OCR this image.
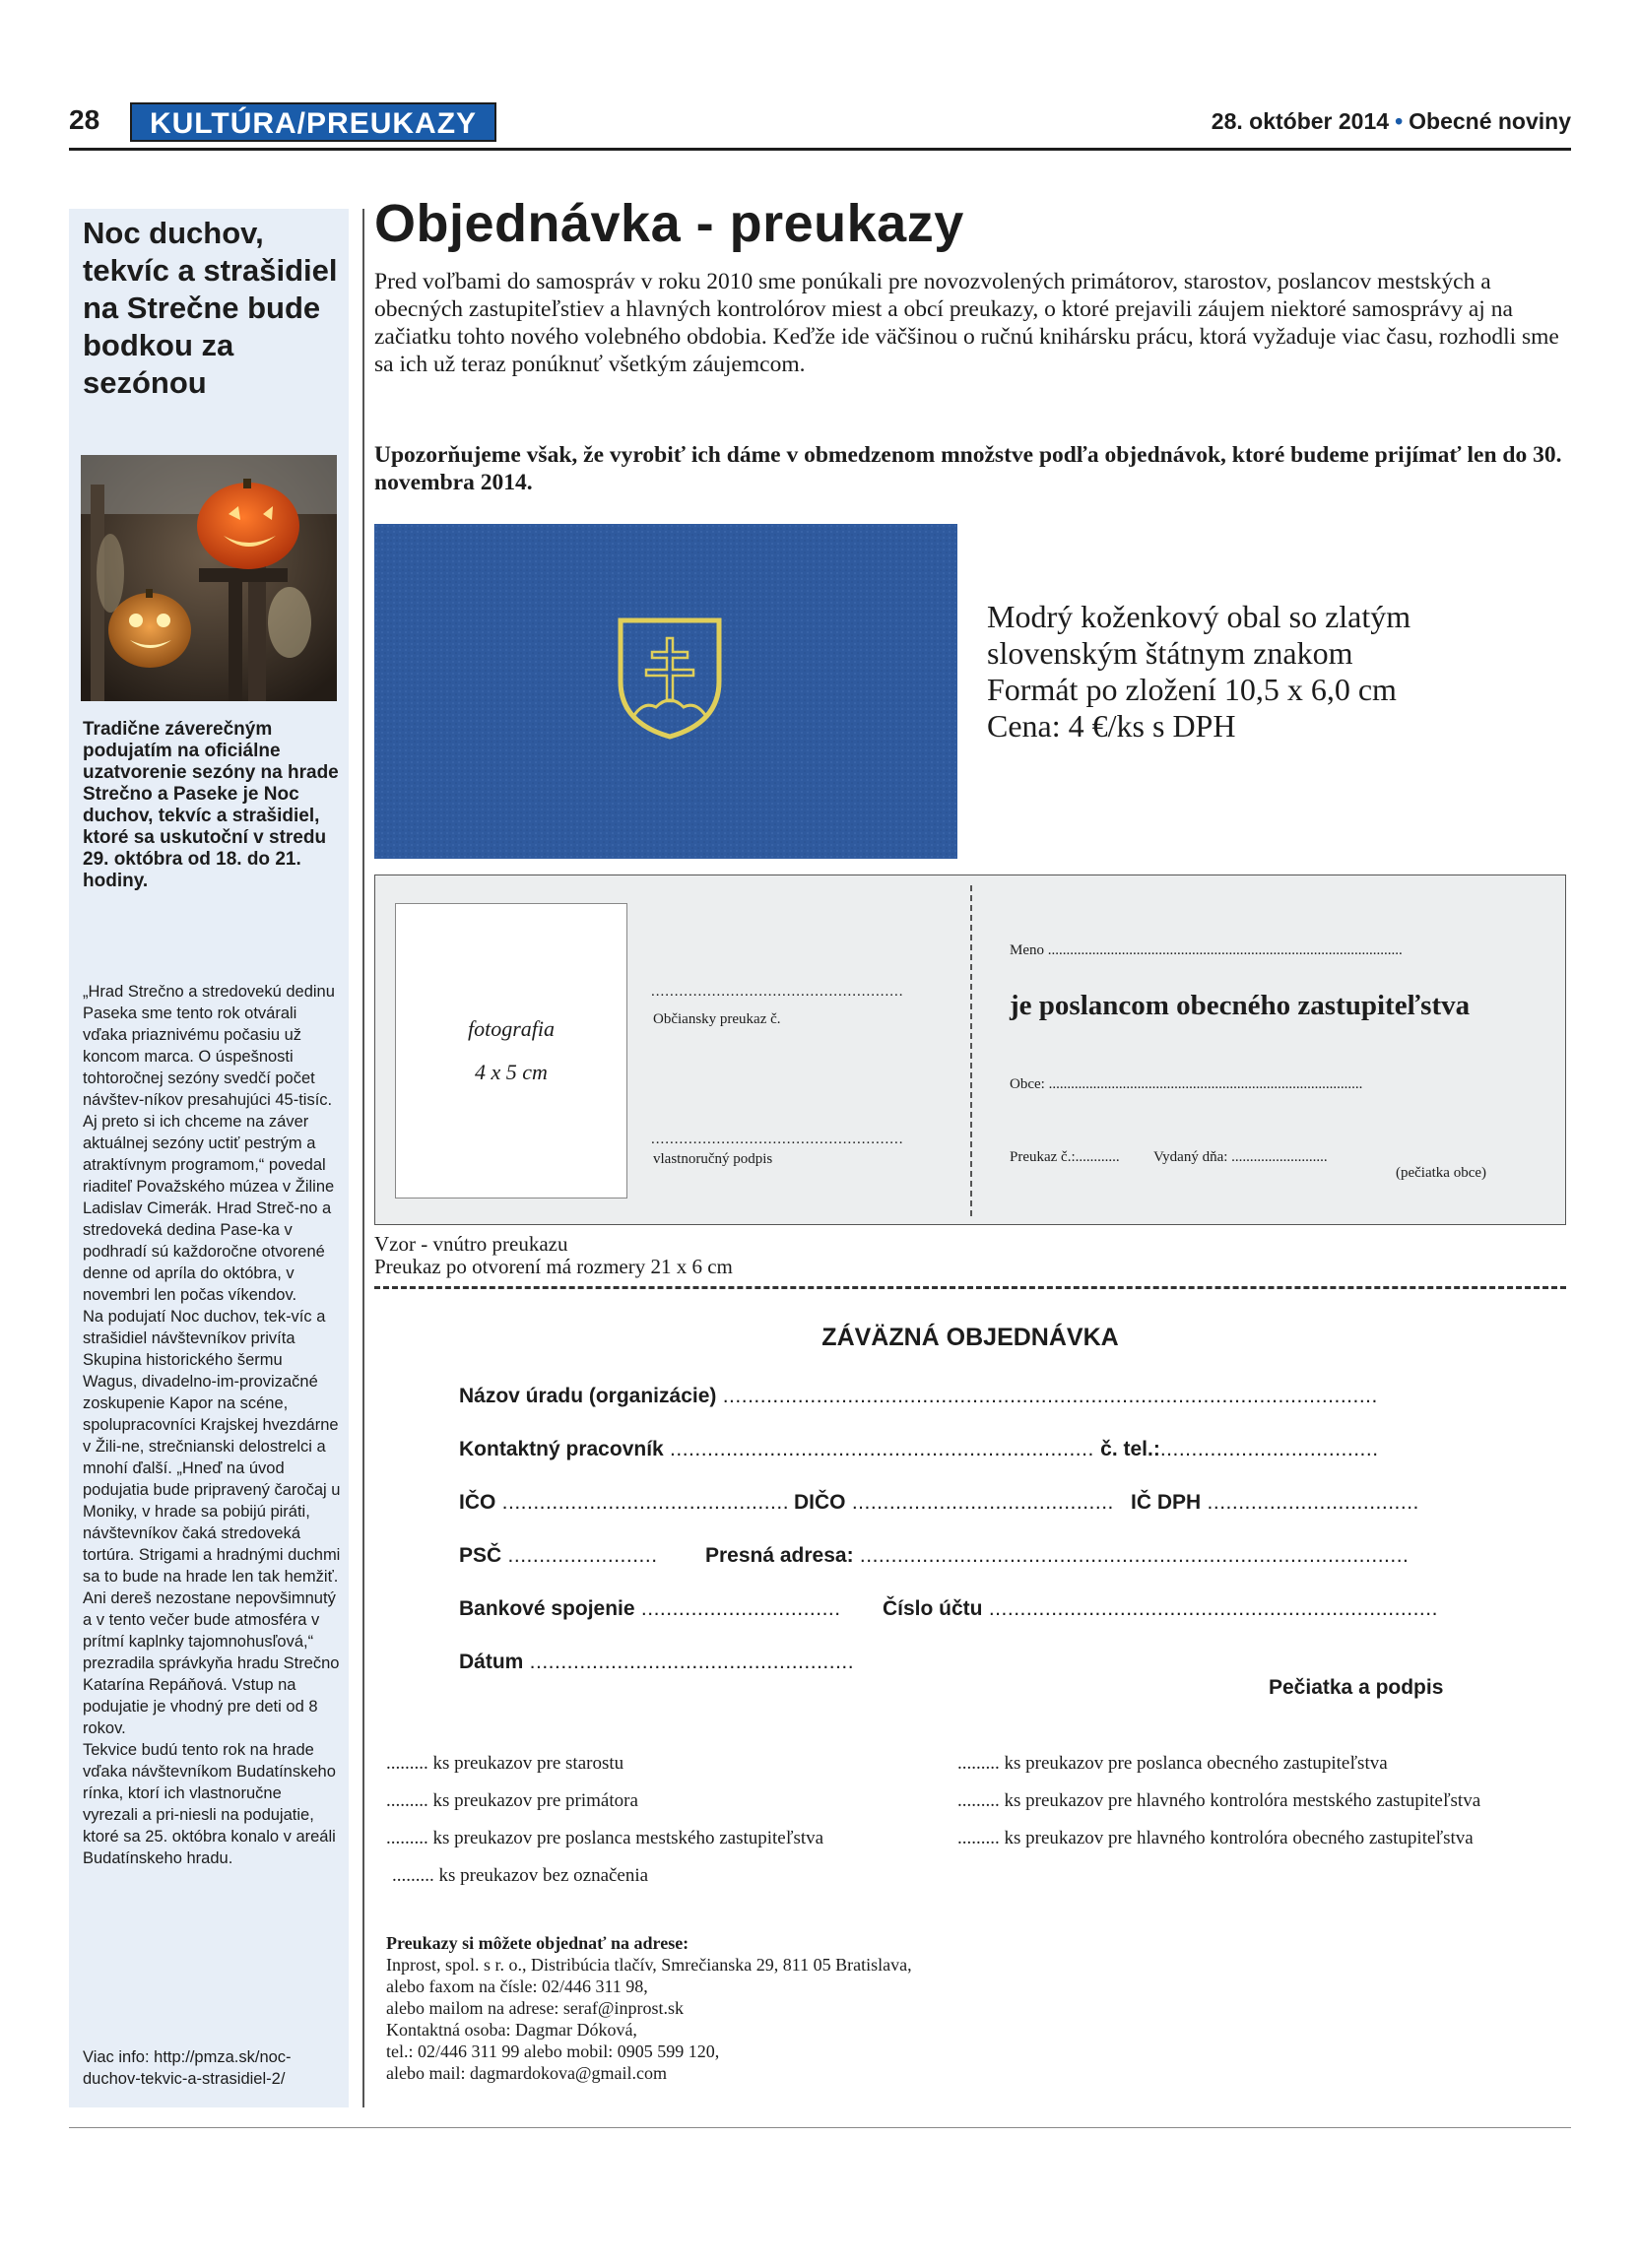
28	KULTÚRA/PREUKAZY	28. október 2014 • Obecné noviny
Noc duchov, tekvíc a strašidiel na Strečne bude bodkou za sezónou
Tradične záverečným podujatím na oficiálne uzatvorenie sezóny na hrade Strečno a Paseke je Noc duchov, tekvíc a strašidiel, ktoré sa uskutoční v stredu 29. októbra od 18. do 21. hodiny.

„Hrad Strečno a stredovekú dedinu Paseka sme tento rok otvárali vďaka priaznivému počasiu už koncom marca. O úspešnosti tohtoročnej sezóny svedčí počet návštev-níkov presahujúci 45-tisíc. Aj preto si ich chceme na záver aktuálnej sezóny uctiť pestrým a atraktívnym programom,“ povedal riaditeľ Považského múzea v Žiline Ladislav Cimerák. Hrad Streč-no a stredoveká dedina Pase-ka v podhradí sú každoročne otvorené denne od apríla do októbra, v novembri len počas víkendov.

Na podujatí Noc duchov, tek-víc a strašidiel návštevníkov privíta Skupina historického šermu Wagus, divadelno-im-provizačné zoskupenie Kapor na scéne, spolupracovníci Krajskej hvezdárne v Žili-ne, strečnianski delostrelci a mnohí ďalší. „Hneď na úvod podujatia bude pripravený čaročaj u Moniky, v hrade sa pobijú piráti, návštevníkov čaká stredoveká tortúra. Strigami a hradnými duchmi sa to bude na hrade len tak hemžiť. Ani dereš nezostane nepovšimnutý a v tento večer bude atmosféra v prítmí kaplnky tajomnohusľová,“ prezradila správkyňa hradu Strečno Katarína Repáňová. Vstup na podujatie je vhodný pre deti od 8 rokov.

Tekvice budú tento rok na hrade vďaka návštevníkom Budatínskeho rínka, ktorí ich vlastnoručne vyrezali a pri-niesli na podujatie, ktoré sa 25. októbra konalo v areáli Budatínskeho hradu.

Viac info: http://pmza.sk/noc-duchov-tekvic-a-strasidiel-2/
Objednávka - preukazy
Pred voľbami do samospráv v roku 2010 sme ponúkali pre novozvolených primátorov, starostov, poslancov mestských a obecných zastupiteľstiev a hlavných kontrolórov miest a obcí preukazy, o ktoré prejavili záujem niektoré samosprávy aj na začiatku tohto nového volebného obdobia. Keďže ide väčšinou o ručnú knihársku prácu, ktorá vyžaduje viac času, rozhodli sme sa ich už teraz ponúknuť všetkým záujemcom.
Upozorňujeme však, že vyrobiť ich dáme v obmedzenom množstve podľa objednávok, ktoré budeme prijímať len do 30. novembra 2014.
Modrý koženkový obal so zlatým
slovenským štátnym znakom
Formát po zložení 10,5 x 6,0 cm
Cena: 4 €/ks s DPH
fotografia
4 x 5 cm
......................................................
Občiansky preukaz č.
......................................................
vlastnoručný podpis
Meno ................................................................................................
je poslancom obecného zastupiteľstva
Obce: .....................................................................................
Preukaz č.:............ Vydaný dňa: ..........................
(pečiatka obce)
Vzor - vnútro preukazu
Preukaz po otvorení má rozmery 21 x 6 cm
ZÁVÄZNÁ OBJEDNÁVKA
Názov úradu (organizácie) .........................................................................................................
Kontaktný pracovník .................................................................... č. tel.:...................................
IČO .............................................. DIČO .......................................... IČ DPH ..................................
PSČ ........................ Presná adresa: ........................................................................................
Bankové spojenie ................................ Číslo účtu ........................................................................
Dátum ....................................................
Pečiatka a podpis
......... ks preukazov pre starostu
......... ks preukazov pre primátora
......... ks preukazov pre poslanca mestského zastupiteľstva
......... ks preukazov bez označenia
......... ks preukazov pre poslanca obecného zastupiteľstva
......... ks preukazov pre hlavného kontrolóra mestského zastupiteľstva
......... ks preukazov pre hlavného kontrolóra obecného zastupiteľstva
Preukazy si môžete objednať na adrese:
Inprost, spol. s r. o., Distribúcia tlačív, Smrečianska 29, 811 05 Bratislava,
alebo faxom na čísle: 02/446 311 98,
alebo mailom na adrese: seraf@inprost.sk
Kontaktná osoba: Dagmar Dóková,
tel.: 02/446 311 99 alebo mobil: 0905 599 120,
alebo mail: dagmardokova@gmail.com
